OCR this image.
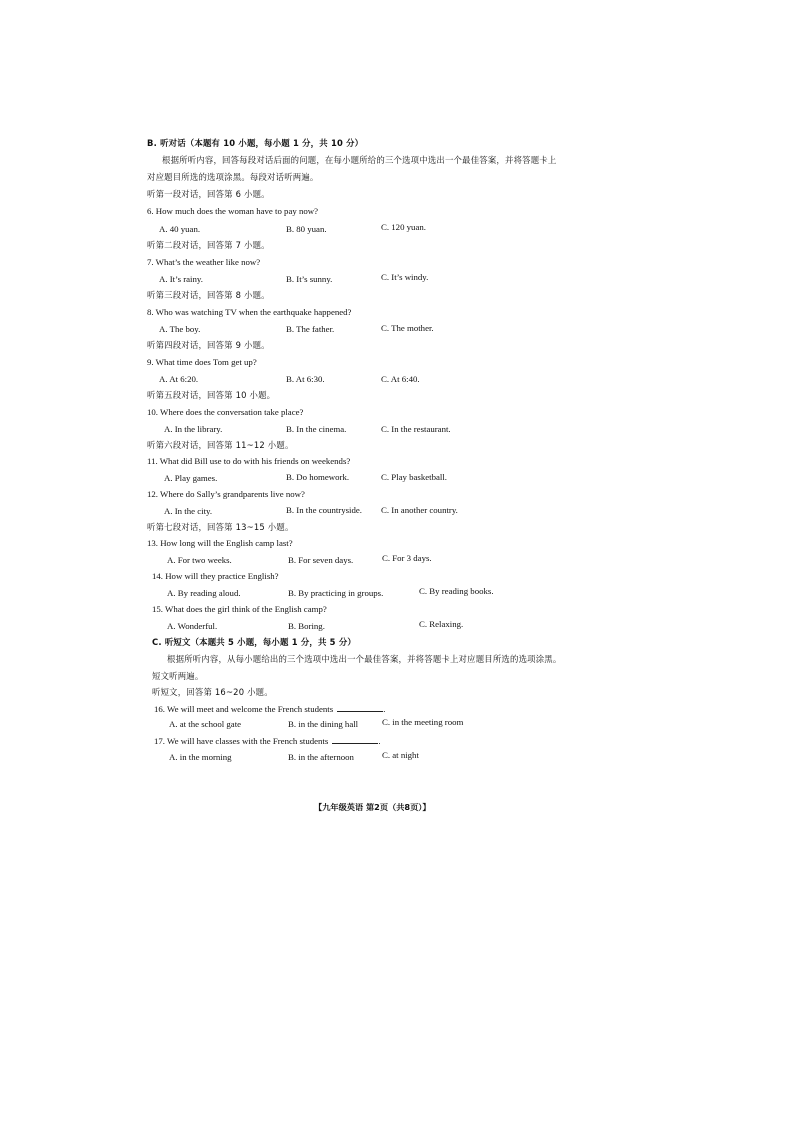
B. 听对话（本题有 10 小题，每小题 1 分，共 10 分）
根据所听内容，回答每段对话后面的问题，在每小题所给的三个选项中选出一个最佳答案，并将答题卡上
对应题目所选的选项涂黑。每段对话听两遍。
听第一段对话，回答第 6 小题。
6. How much does the woman have to pay now?
A. 40 yuan.	B. 80 yuan.	C. 120 yuan.
听第二段对话，回答第 7 小题。
7. What’s the weather like now?
A. It’s rainy.	B. It’s sunny.	C. It’s windy.
听第三段对话，回答第 8 小题。
8. Who was watching TV when the earthquake happened?
A. The boy.	B. The father.	C. The mother.
听第四段对话，回答第 9 小题。
9. What time does Tom get up?
A. At 6:20.	B. At 6:30.	C. At 6:40.
听第五段对话，回答第 10 小题。
10. Where does the conversation take place?
A. In the library.	B. In the cinema.	C. In the restaurant.
听第六段对话，回答第 11~12 小题。
11. What did Bill use to do with his friends on weekends?
A. Play games.	B. Do homework.	C. Play basketball.
12. Where do Sally’s grandparents live now?
A. In the city.	B. In the countryside. C. In another country.
听第七段对话，回答第 13~15 小题。
13. How long will the English camp last?
A. For two weeks.	B. For seven days.	C. For 3 days.
14. How will they practice English?
A. By reading aloud.	B. By practicing in groups.	C. By reading books.
15. What does the girl think of the English camp?
A. Wonderful.	B. Boring.	C. Relaxing.
C. 听短文（本题共 5 小题，每小题 1 分，共 5 分）
根据所听内容，从每小题给出的三个选项中选出一个最佳答案，并将答题卡上对应题目所选的选项涂黑。
短文听两遍。
听短文，回答第 16~20 小题。
16. We will meet and welcome the French students	.
A. at the school gate	B. in the dining hall	C. in the meeting room
17. We will have classes with the French students	.
A. in the morning	B. in the afternoon	C. at night
【九年级英语 第2页（共8页）】
